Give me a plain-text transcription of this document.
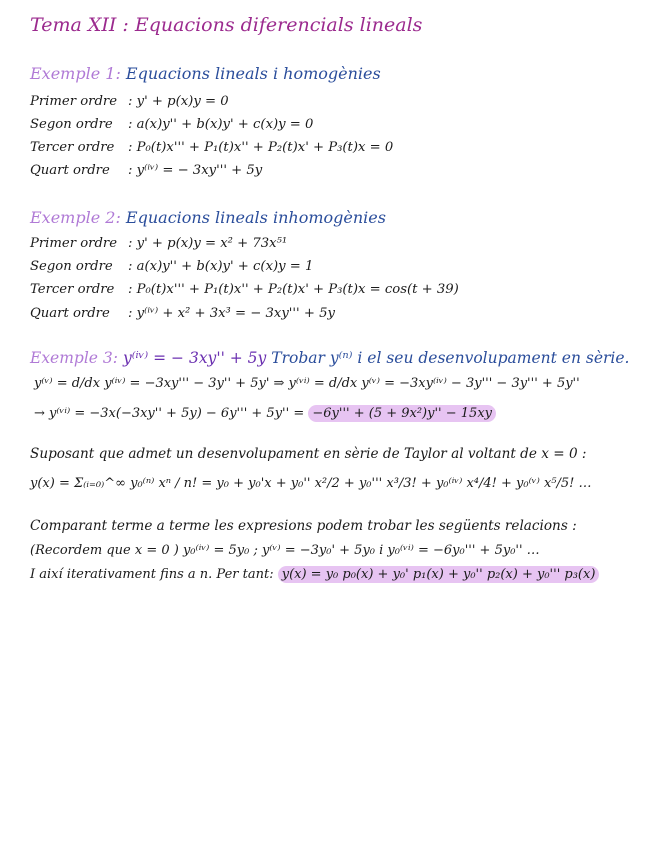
Tema XII : Equacions diferencials lineals
Exemple 1: Equacions lineals i homogènies
Primer ordre : y' + p(x)y = 0
Segon ordre : a(x)y'' + b(x)y' + c(x)y = 0
Tercer ordre : P₀(t)x''' + P₁(t)x'' + P₂(t)x' + P₃(t)x = 0
Quart ordre : y⁽ⁱᵛ⁾ = − 3xy''' + 5y
Exemple 2: Equacions lineals inhomogènies
Primer ordre : y' + p(x)y = x² + 73x⁵¹
Segon ordre : a(x)y'' + b(x)y' + c(x)y = 1
Tercer ordre : P₀(t)x''' + P₁(t)x'' + P₂(t)x' + P₃(t)x = cos(t + 39)
Quart ordre : y⁽ⁱᵛ⁾ + x² + 3x³ = − 3xy''' + 5y
Exemple 3: y⁽ⁱᵛ⁾ = − 3xy'' + 5y Trobar y⁽ⁿ⁾ i el seu desenvolupament en sèrie.
y⁽ᵛ⁾ = d/dx y⁽ⁱᵛ⁾ = −3xy''' − 3y'' + 5y' ⇒ y⁽ᵛⁱ⁾ = d/dx y⁽ᵛ⁾ = −3xy⁽ⁱᵛ⁾ − 3y''' − 3y''' + 5y''
→ y⁽ᵛⁱ⁾ = −3x(−3xy'' + 5y) − 6y''' + 5y'' = −6y''' + (5 + 9x²)y'' − 15xy
Suposant que admet un desenvolupament en sèrie de Taylor al voltant de x = 0 :
y(x) = Σ₍ᵢ₌₀₎^∞ y₀⁽ⁿ⁾ xⁿ / n! = y₀ + y₀'x + y₀'' x²/2 + y₀''' x³/3! + y₀⁽ⁱᵛ⁾ x⁴/4! + y₀⁽ᵛ⁾ x⁵/5! …
Comparant terme a terme les expresions podem trobar les següents relacions :
(Recordem que x = 0 ) y₀⁽ⁱᵛ⁾ = 5y₀ ; y⁽ᵛ⁾ = −3y₀' + 5y₀ i y₀⁽ᵛⁱ⁾ = −6y₀''' + 5y₀'' …
I així iterativament fins a n. Per tant: y(x) = y₀ p₀(x) + y₀' p₁(x) + y₀'' p₂(x) + y₀''' p₃(x)
